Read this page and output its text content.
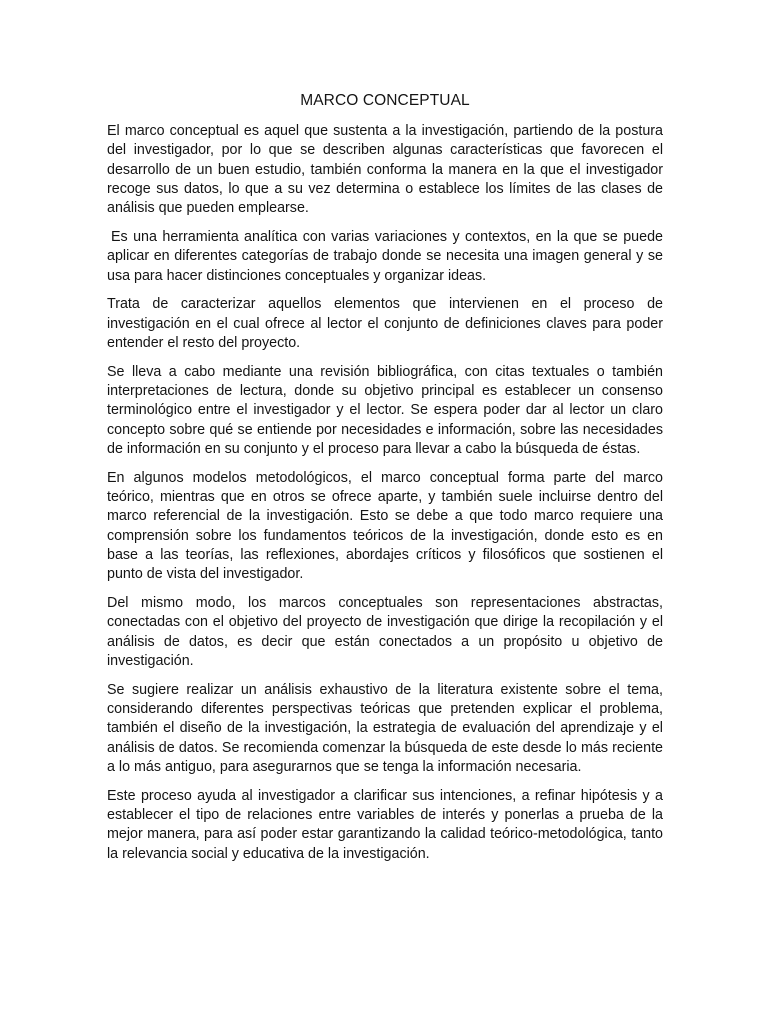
MARCO CONCEPTUAL

El marco conceptual es aquel que sustenta a la investigación, partiendo de la postura del investigador, por lo que se describen algunas características que favorecen el desarrollo de un buen estudio, también conforma la manera en la que el investigador recoge sus datos, lo que a su vez determina o establece los límites de las clases de análisis que pueden emplearse.

Es una herramienta analítica con varias variaciones y contextos, en la que se puede aplicar en diferentes categorías de trabajo donde se necesita una imagen general y se usa para hacer distinciones conceptuales y organizar ideas.

Trata de caracterizar aquellos elementos que intervienen en el proceso de investigación en el cual ofrece al lector el conjunto de definiciones claves para poder entender el resto del proyecto.

Se lleva a cabo mediante una revisión bibliográfica, con citas textuales o también interpretaciones de lectura, donde su objetivo principal es establecer un consenso terminológico entre el investigador y el lector. Se espera poder dar al lector un claro concepto sobre qué se entiende por necesidades e información, sobre las necesidades de información en su conjunto y el proceso para llevar a cabo la búsqueda de éstas.

En algunos modelos metodológicos, el marco conceptual forma parte del marco teórico, mientras que en otros se ofrece aparte, y también suele incluirse dentro del marco referencial de la investigación. Esto se debe a que todo marco requiere una comprensión sobre los fundamentos teóricos de la investigación, donde esto es en base a las teorías, las reflexiones, abordajes críticos y filosóficos que sostienen el punto de vista del investigador.

Del mismo modo, los marcos conceptuales son representaciones abstractas, conectadas con el objetivo del proyecto de investigación que dirige la recopilación y el análisis de datos, es decir que están conectados a un propósito u objetivo de investigación.

Se sugiere realizar un análisis exhaustivo de la literatura existente sobre el tema, considerando diferentes perspectivas teóricas que pretenden explicar el problema, también el diseño de la investigación, la estrategia de evaluación del aprendizaje y el análisis de datos. Se recomienda comenzar la búsqueda de este desde lo más reciente a lo más antiguo, para asegurarnos que se tenga la información necesaria.

Este proceso ayuda al investigador a clarificar sus intenciones, a refinar hipótesis y a establecer el tipo de relaciones entre variables de interés y ponerlas a prueba de la mejor manera, para así poder estar garantizando la calidad teórico-metodológica, tanto la relevancia social y educativa de la investigación.
